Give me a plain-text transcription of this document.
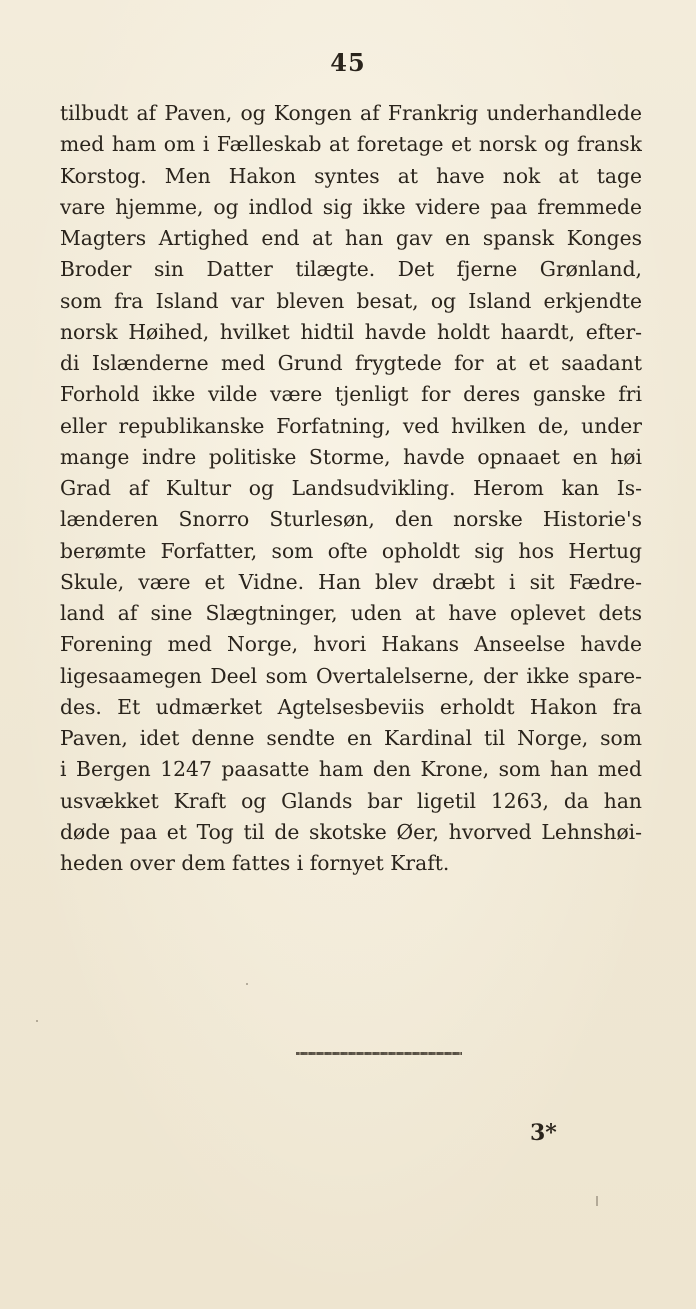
45
tilbudt af Paven, og Kongen af Frankrig underhandlede
med ham om i Fælleskab at foretage et norsk og fransk
Korstog. Men Hakon syntes at have nok at tage
vare hjemme, og indlod sig ikke videre paa fremmede
Magters Artighed end at han gav en spansk Konges
Broder sin Datter tilægte. Det fjerne Grønland,
som fra Island var bleven besat, og Island erkjendte
norsk Høihed, hvilket hidtil havde holdt haardt, efter-
di Islænderne med Grund frygtede for at et saadant
Forhold ikke vilde være tjenligt for deres ganske fri
eller republikanske Forfatning, ved hvilken de, under
mange indre politiske Storme, havde opnaaet en høi
Grad af Kultur og Landsudvikling. Herom kan Is-
lænderen Snorro Sturlesøn, den norske Historie's
berømte Forfatter, som ofte opholdt sig hos Hertug
Skule, være et Vidne. Han blev dræbt i sit Fædre-
land af sine Slægtninger, uden at have oplevet dets
Forening med Norge, hvori Hakans Anseelse havde
ligesaamegen Deel som Overtalelserne, der ikke spare-
des. Et udmærket Agtelsesbeviis erholdt Hakon fra
Paven, idet denne sendte en Kardinal til Norge, som
i Bergen 1247 paasatte ham den Krone, som han med
usvækket Kraft og Glands bar ligetil 1263, da han
døde paa et Tog til de skotske Øer, hvorved Lehnshøi-
heden over dem fattes i fornyet Kraft.
3*
